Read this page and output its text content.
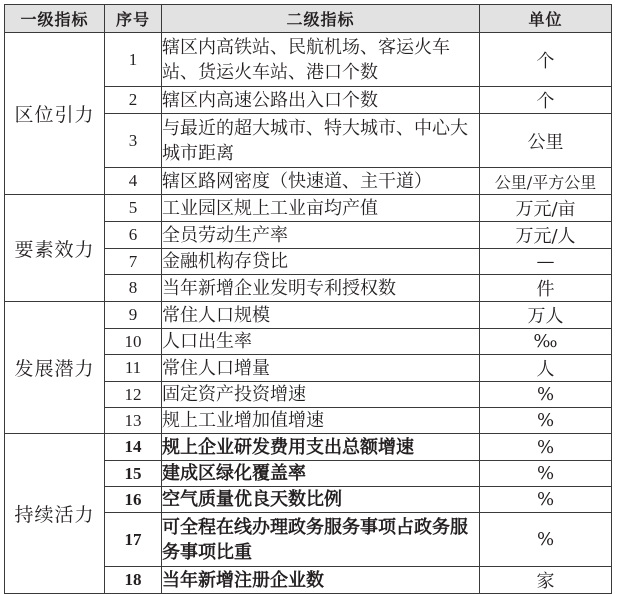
一级指标	序号	二级指标	单位
区位引力	1	辖区内高铁站、民航机场、客运火车站、货运火车站、港口个数	个
	2	辖区内高速公路出入口个数	个
	3	与最近的超大城市、特大城市、中心大城市距离	公里
	4	辖区路网密度（快速道、主干道）	公里/平方公里
要素效力	5	工业园区规上工业亩均产值	万元/亩
	6	全员劳动生产率	万元/人
	7	金融机构存贷比	—
	8	当年新增企业发明专利授权数	件
发展潜力	9	常住人口规模	万人
	10	人口出生率	‰
	11	常住人口增量	人
	12	固定资产投资增速	%
	13	规上工业增加值增速	%
持续活力	14	规上企业研发费用支出总额增速	%
	15	建成区绿化覆盖率	%
	16	空气质量优良天数比例	%
	17	可全程在线办理政务服务事项占政务服务事项比重	%
	18	当年新增注册企业数	家
